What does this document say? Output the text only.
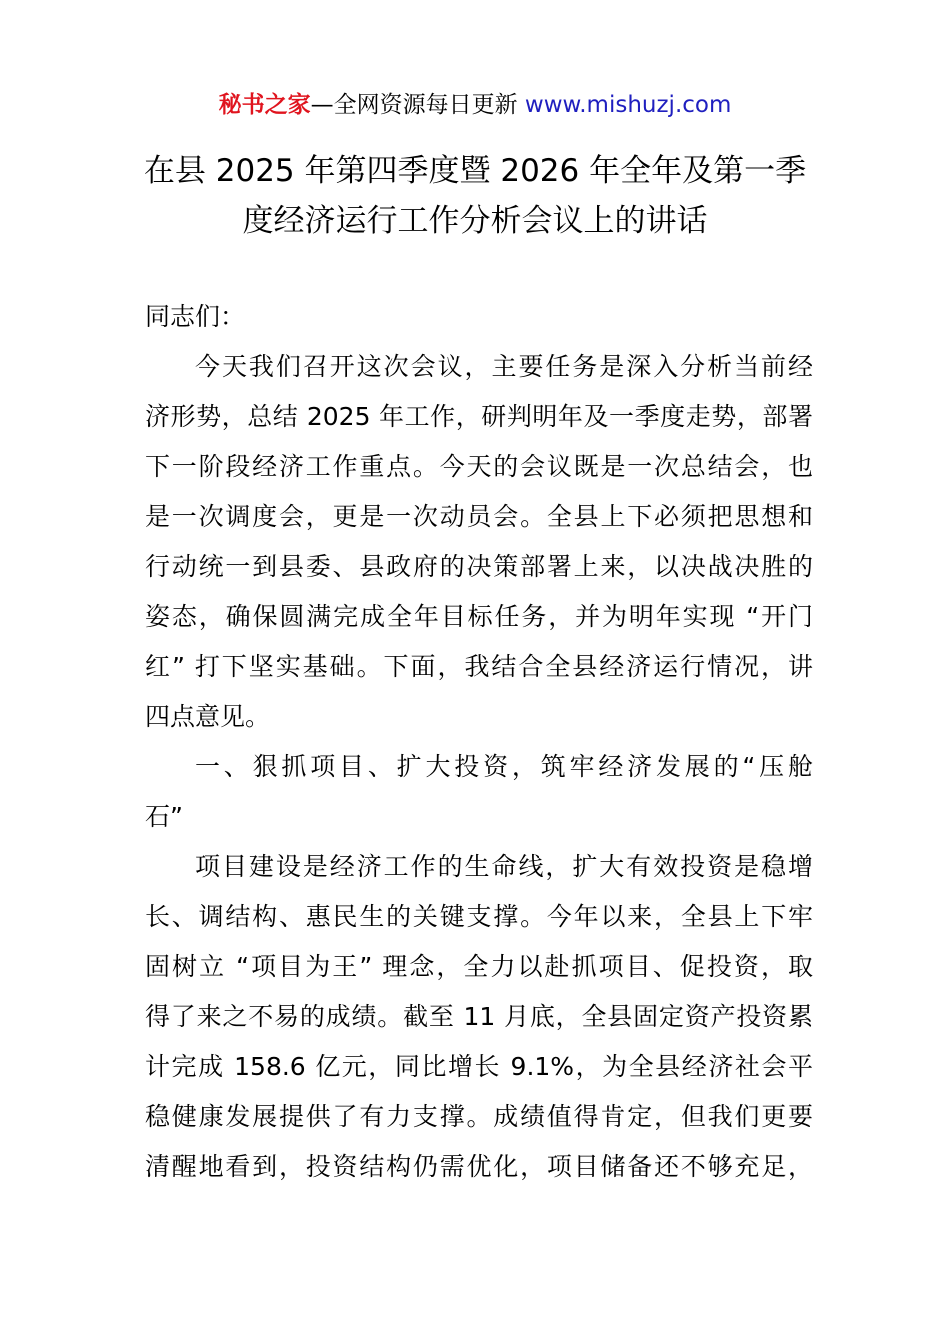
秘书之家—全网资源每日更新 www.mishuzj.com
在县 2025 年第四季度暨 2026 年全年及第一季
度经济运行工作分析会议上的讲话
同志们：
今天我们召开这次会议，主要任务是深入分析当前经
济形势，总结 2025 年工作，研判明年及一季度走势，部署
下一阶段经济工作重点。今天的会议既是一次总结会，也
是一次调度会，更是一次动员会。全县上下必须把思想和
行动统一到县委、县政府的决策部署上来，以决战决胜的
姿态，确保圆满完成全年目标任务，并为明年实现 “开门
红” 打下坚实基础。下面，我结合全县经济运行情况，讲
四点意见。
一、狠抓项目、扩大投资，筑牢经济发展的“压舱
石”
项目建设是经济工作的生命线，扩大有效投资是稳增
长、调结构、惠民生的关键支撑。今年以来，全县上下牢
固树立 “项目为王” 理念，全力以赴抓项目、促投资，取
得了来之不易的成绩。截至 11 月底，全县固定资产投资累
计完成 158.6 亿元，同比增长 9.1%，为全县经济社会平
稳健康发展提供了有力支撑。成绩值得肯定，但我们更要
清醒地看到，投资结构仍需优化，项目储备还不够充足，
